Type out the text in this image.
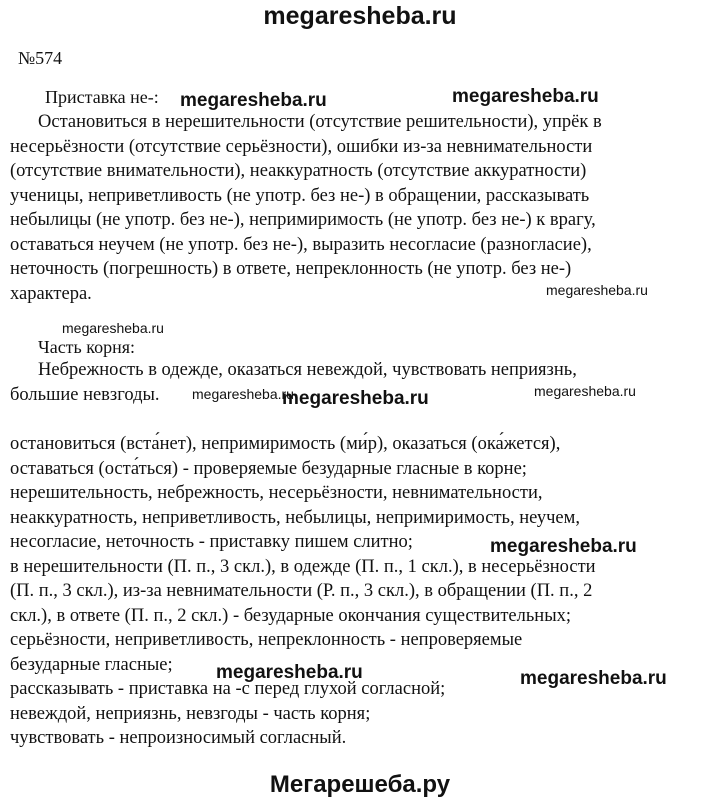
megaresheba.ru
№574
Приставка не-:
Остановиться в нерешительности (отсутствие решительности), упрёк в
несерьёзности (отсутствие серьёзности), ошибки из-за невнимательности
(отсутствие внимательности), неаккуратность (отсутствие аккуратности)
ученицы, неприветливость (не употр. без не-) в обращении, рассказывать
небылицы (не употр. без не-), непримиримость (не употр. без не-) к врагу,
оставаться неучем (не употр. без не-), выразить несогласие (разногласие),
неточность (погрешность) в ответе, непреклонность (не употр. без не-)
характера.
Часть корня:
Небрежность в одежде, оказаться невеждой, чувствовать неприязнь,
большие невзгоды.
остановиться (вста́нет), непримиримость (ми́р), оказаться (ока́жется),
оставаться (оста́ться) - проверяемые безударные гласные в корне;
нерешительность, небрежность, несерьёзности, невнимательности,
неаккуратность, неприветливость, небылицы, непримиримость, неучем,
несогласие, неточность - приставку пишем слитно;
в нерешительности (П. п., 3 скл.), в одежде (П. п., 1 скл.), в несерьёзности
(П. п., 3 скл.), из-за невнимательности (Р. п., 3 скл.), в обращении (П. п., 2
скл.), в ответе (П. п., 2 скл.) - безударные окончания существительных;
серьёзности, неприветливость, непреклонность - непроверяемые
безударные гласные;
рассказывать - приставка на -с перед глухой согласной;
невеждой, неприязнь, невзгоды - часть корня;
чувствовать - непроизносимый согласный.
megaresheba.ru	megaresheba.ru
megaresheba.ru
megaresheba.ru
megaresheba.ru
megaresheba.ru
megaresheba.ru
megaresheba.ru
megaresheba.ru	megaresheba.ru
Мегарешеба.ру
